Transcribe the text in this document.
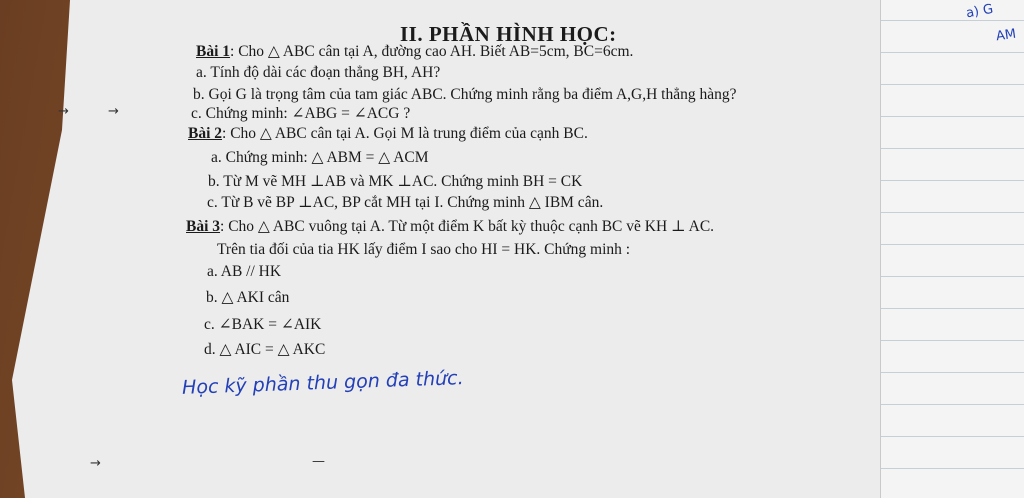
II. PHẦN HÌNH HỌC:
Bài 1: Cho △ ABC cân tại A, đường cao AH. Biết AB=5cm, BC=6cm.
a. Tính độ dài các đoạn thẳng BH, AH?
b. Gọi G là trọng tâm của tam giác ABC. Chứng minh rằng ba điểm A,G,H thẳng hàng?
c. Chứng minh: ∠ABG = ∠ACG ?
Bài 2: Cho △ ABC cân tại A. Gọi M là trung điểm của cạnh BC.
a. Chứng minh: △ ABM = △ ACM
b. Từ M vẽ MH ⊥AB và MK ⊥AC. Chứng minh BH = CK
c. Từ B vẽ BP ⊥AC, BP cắt MH tại I. Chứng minh △ IBM cân.
Bài 3: Cho △ ABC vuông tại A. Từ một điểm K bất kỳ thuộc cạnh BC vẽ KH ⊥ AC.
Trên tia đối của tia HK lấy điểm I sao cho HI = HK. Chứng minh :
a. AB // HK
b. △ AKI cân
c. ∠BAK = ∠AIK
d. △ AIC = △ AKC
Học kỹ phần thu gọn đa thức.
a) G
AM
→	→
→	—
